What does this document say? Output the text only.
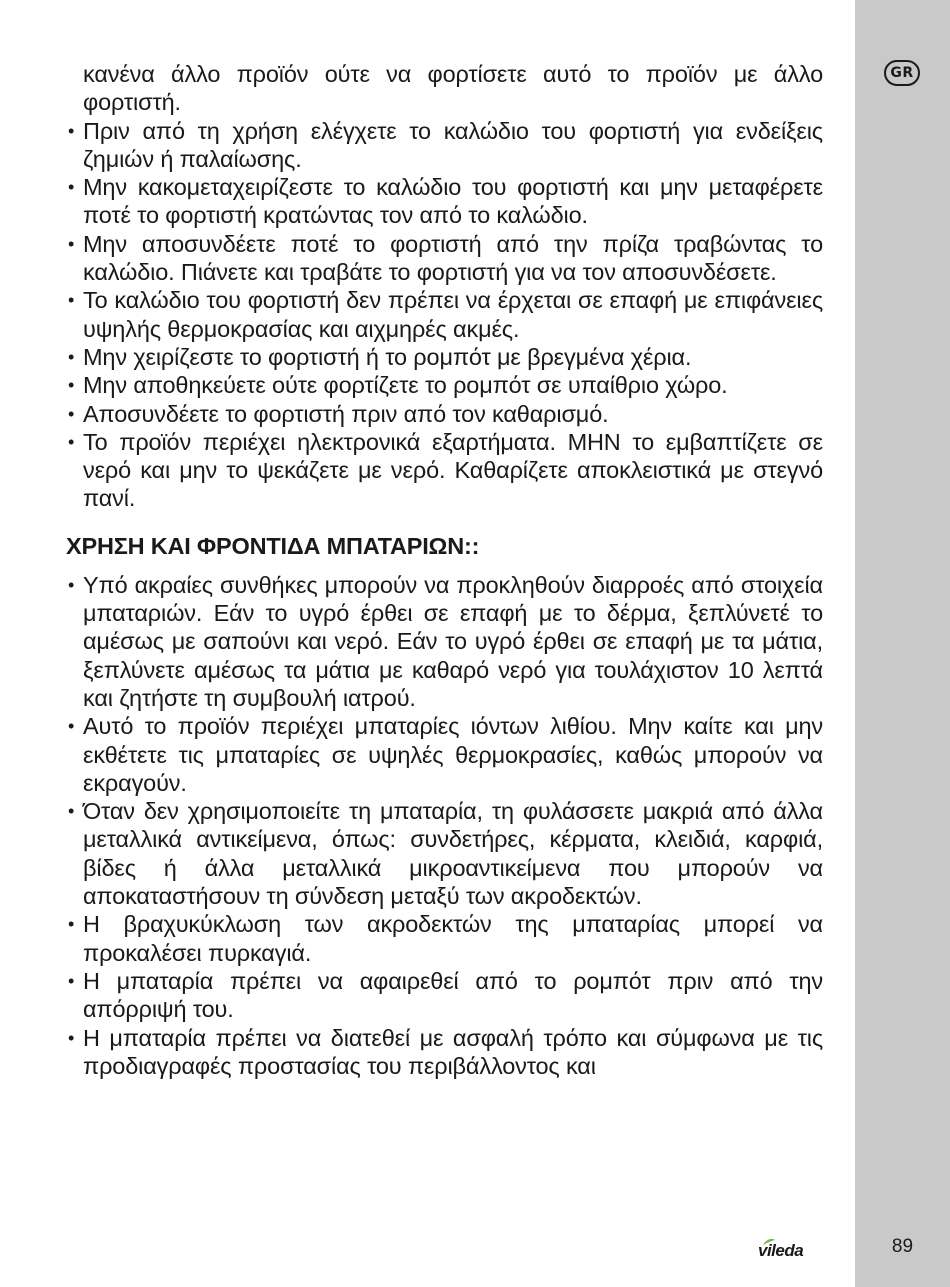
GR
89
κανένα άλλο προϊόν ούτε να φορτίσετε αυτό το προϊόν με άλλο φορτιστή.
• Πριν από τη χρήση ελέγχετε το καλώδιο του φορτιστή για ενδείξεις ζημιών ή παλαίωσης.
• Μην κακομεταχειρίζεστε το καλώδιο του φορτιστή και μην μεταφέρετε ποτέ το φορτιστή κρατώντας τον από το καλώδιο.
• Μην αποσυνδέετε ποτέ το φορτιστή από την πρίζα τραβώντας το καλώδιο. Πιάνετε και τραβάτε το φορτιστή για να τον αποσυνδέσετε.
• Το καλώδιο του φορτιστή δεν πρέπει να έρχεται σε επαφή με επιφάνειες υψηλής θερμοκρασίας και αιχμηρές ακμές.
• Μην χειρίζεστε το φορτιστή ή το ρομπότ με βρεγμένα χέρια.
• Μην αποθηκεύετε ούτε φορτίζετε το ρομπότ σε υπαίθριο χώρο.
• Αποσυνδέετε το φορτιστή πριν από τον καθαρισμό.
• Το προϊόν περιέχει ηλεκτρονικά εξαρτήματα. ΜΗΝ το εμβαπτίζετε σε νερό και μην το ψεκάζετε με νερό. Καθαρίζετε αποκλειστικά με στεγνό πανί.
ΧΡΗΣΗ ΚΑΙ ΦΡΟΝΤΙΔΑ ΜΠΑΤΑΡΙΩΝ::
• Υπό ακραίες συνθήκες μπορούν να προκληθούν διαρροές από στοιχεία μπαταριών. Εάν το υγρό έρθει σε επαφή με το δέρμα, ξεπλύνετέ το αμέσως με σαπούνι και νερό. Εάν το υγρό έρθει σε επαφή με τα μάτια, ξεπλύνετε αμέσως τα μάτια με καθαρό νερό για τουλάχιστον 10 λεπτά και ζητήστε τη συμβουλή ιατρού.
• Αυτό το προϊόν περιέχει μπαταρίες ιόντων λιθίου. Μην καίτε και μην εκθέτετε τις μπαταρίες σε υψηλές θερμοκρασίες, καθώς μπορούν να εκραγούν.
• Όταν δεν χρησιμοποιείτε τη μπαταρία, τη φυλάσσετε μακριά από άλλα μεταλλικά αντικείμενα, όπως: συνδετήρες, κέρματα, κλειδιά, καρφιά, βίδες ή άλλα μεταλλικά μικροαντικείμενα που μπορούν να αποκαταστήσουν τη σύνδεση μεταξύ των ακροδεκτών.
• Η βραχυκύκλωση των ακροδεκτών της μπαταρίας μπορεί να προκαλέσει πυρκαγιά.
• Η μπαταρία πρέπει να αφαιρεθεί από το ρομπότ πριν από την απόρριψή του.
• Η μπαταρία πρέπει να διατεθεί με ασφαλή τρόπο και σύμφωνα με τις προδιαγραφές προστασίας του περιβάλλοντος και
vileda
